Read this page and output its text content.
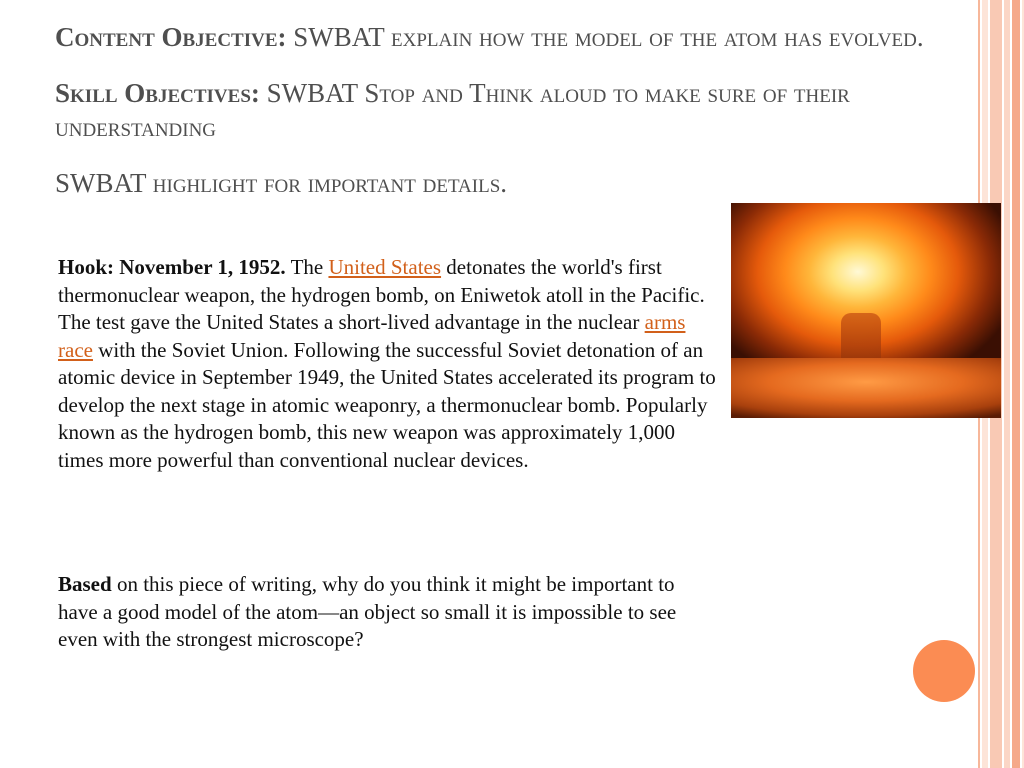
Content Objective: SWBAT explain how the model of the atom has evolved.

Skill Objectives: SWBAT Stop and Think aloud to make sure of their understanding

SWBAT highlight for important details.

Hook: November 1, 1952. The United States detonates the world's first thermonuclear weapon, the hydrogen bomb, on Eniwetok atoll in the Pacific. The test gave the United States a short-lived advantage in the nuclear arms race with the Soviet Union. Following the successful Soviet detonation of an atomic device in September 1949, the United States accelerated its program to develop the next stage in atomic weaponry, a thermonuclear bomb. Popularly known as the hydrogen bomb, this new weapon was approximately 1,000 times more powerful than conventional nuclear devices.
Based on this piece of writing, why do you think it might be important to have a good model of the atom—an object so small it is impossible to see even with the strongest microscope?
